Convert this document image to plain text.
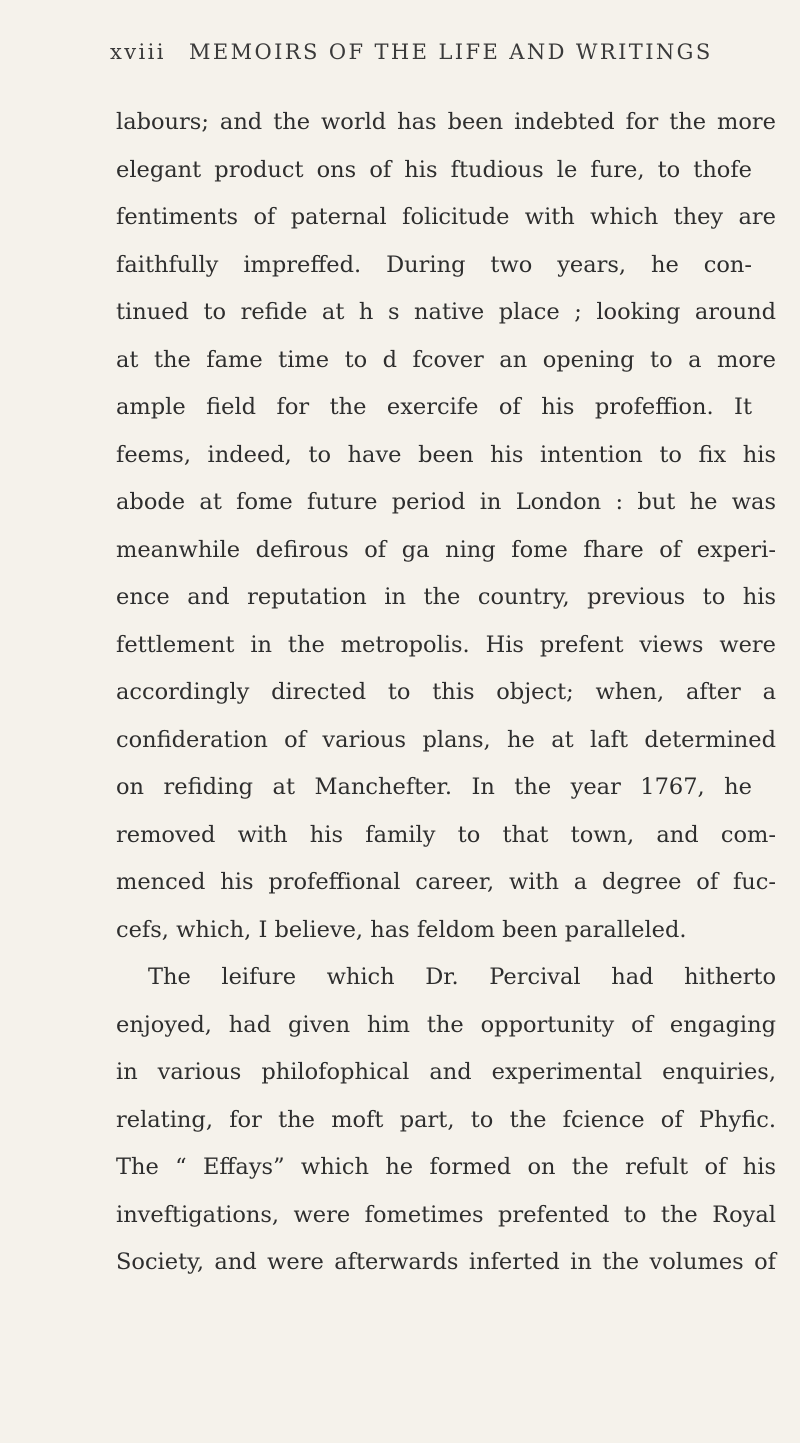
xviii MEMOIRS OF THE LIFE AND WRITINGS
labours; and the world has been indebted for the more
elegant product ons of his ftudious le fure, to thofe
fentiments of paternal folicitude with which they are
faithfully impreffed. During two years, he con-
tinued to refide at h s native place ; looking around
at the fame time to d fcover an opening to a more
ample field for the exercife of his profeffion. It
feems, indeed, to have been his intention to fix his
abode at fome future period in London : but he was
meanwhile defirous of ga ning fome fhare of experi-
ence and reputation in the country, previous to his
fettlement in the metropolis. His prefent views were
accordingly directed to this object; when, after a
confideration of various plans, he at laft determined
on refiding at Manchefter. In the year 1767, he
removed with his family to that town, and com-
menced his profeffional career, with a degree of fuc-
cefs, which, I believe, has feldom been paralleled.
The leifure which Dr. Percival had hitherto
enjoyed, had given him the opportunity of engaging
in various philofophical and experimental enquiries,
relating, for the moft part, to the fcience of Phyfic.
The “ Effays” which he formed on the refult of his
inveftigations, were fometimes prefented to the Royal
Society, and were afterwards inferted in the volumes of
